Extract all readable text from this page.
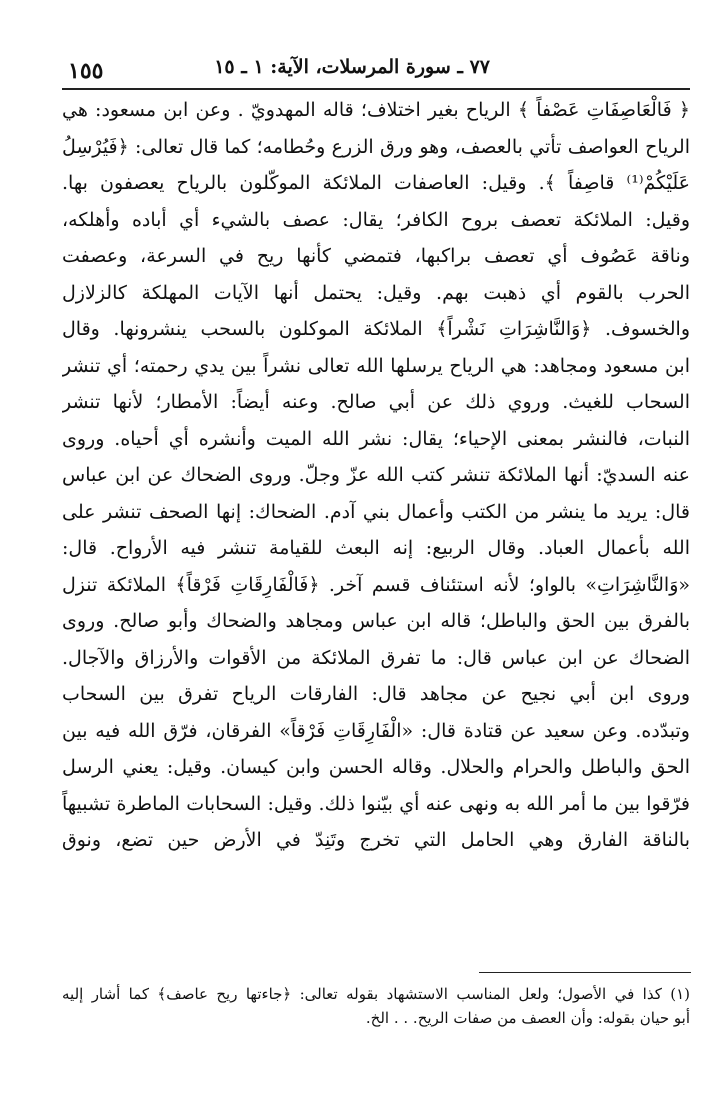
١٥٥	٧٧ ـ سورة المرسلات، الآية: ١ ـ ١٥
﴿ فَالْعَاصِفَاتِ عَصْفاً ﴾ الرياح بغير اختلاف؛ قاله المهدويّ . وعن ابن مسعود: هي
الرياح العواصف تأتي بالعصف، وهو ورق الزرع وحُطامه؛ كما قال تعالى: ﴿فَيُرْسِلُ
عَلَيْكُمْ⁽¹⁾ قاصِفاً ﴾. وقيل: العاصفات الملائكة الموكّلون بالرياح يعصفون بها.
وقيل: الملائكة تعصف بروح الكافر؛ يقال: عصف بالشيء أي أباده وأهلكه،
وناقة عَصُوف أي تعصف براكبها، فتمضي كأنها ريح في السرعة، وعصفت
الحرب بالقوم أي ذهبت بهم. وقيل: يحتمل أنها الآيات المهلكة كالزلازل
والخسوف. ﴿وَالنَّاشِرَاتِ نَشْراً﴾ الملائكة الموكلون بالسحب ينشرونها. وقال
ابن مسعود ومجاهد: هي الرياح يرسلها الله تعالى نشراً بين يدي رحمته؛ أي تنشر
السحاب للغيث. وروي ذلك عن أبي صالح. وعنه أيضاً: الأمطار؛ لأنها تنشر
النبات، فالنشر بمعنى الإحياء؛ يقال: نشر الله الميت وأنشره أي أحياه. وروى
عنه السديّ: أنها الملائكة تنشر كتب الله عزّ وجلّ. وروى الضحاك عن ابن عباس
قال: يريد ما ينشر من الكتب وأعمال بني آدم. الضحاك: إنها الصحف تنشر على
الله بأعمال العباد. وقال الربيع: إنه البعث للقيامة تنشر فيه الأرواح. قال:
«وَالنَّاشِرَاتِ» بالواو؛ لأنه استئناف قسم آخر. ﴿فَالْفَارِقَاتِ فَرْقاً﴾ الملائكة تنزل
بالفرق بين الحق والباطل؛ قاله ابن عباس ومجاهد والضحاك وأبو صالح. وروى
الضحاك عن ابن عباس قال: ما تفرق الملائكة من الأقوات والأرزاق والآجال.
وروى ابن أبي نجيح عن مجاهد قال: الفارقات الرياح تفرق بين السحاب
وتبدّده. وعن سعيد عن قتادة قال: «الْفَارِقَاتِ فَرْقاً» الفرقان، فرّق الله فيه بين
الحق والباطل والحرام والحلال. وقاله الحسن وابن كيسان. وقيل: يعني الرسل
فرّقوا بين ما أمر الله به ونهى عنه أي بيّنوا ذلك. وقيل: السحابات الماطرة تشبيهاً
بالناقة الفارق وهي الحامل التي تخرج وتَنِدّ في الأرض حين تضع، ونوق
(١) كذا في الأصول؛ ولعل المناسب الاستشهاد بقوله تعالى: ﴿جاءتها ريح عاصف﴾ كما أشار إليه
أبو حيان بقوله: وأن العصف من صفات الريح. . . الخ.
